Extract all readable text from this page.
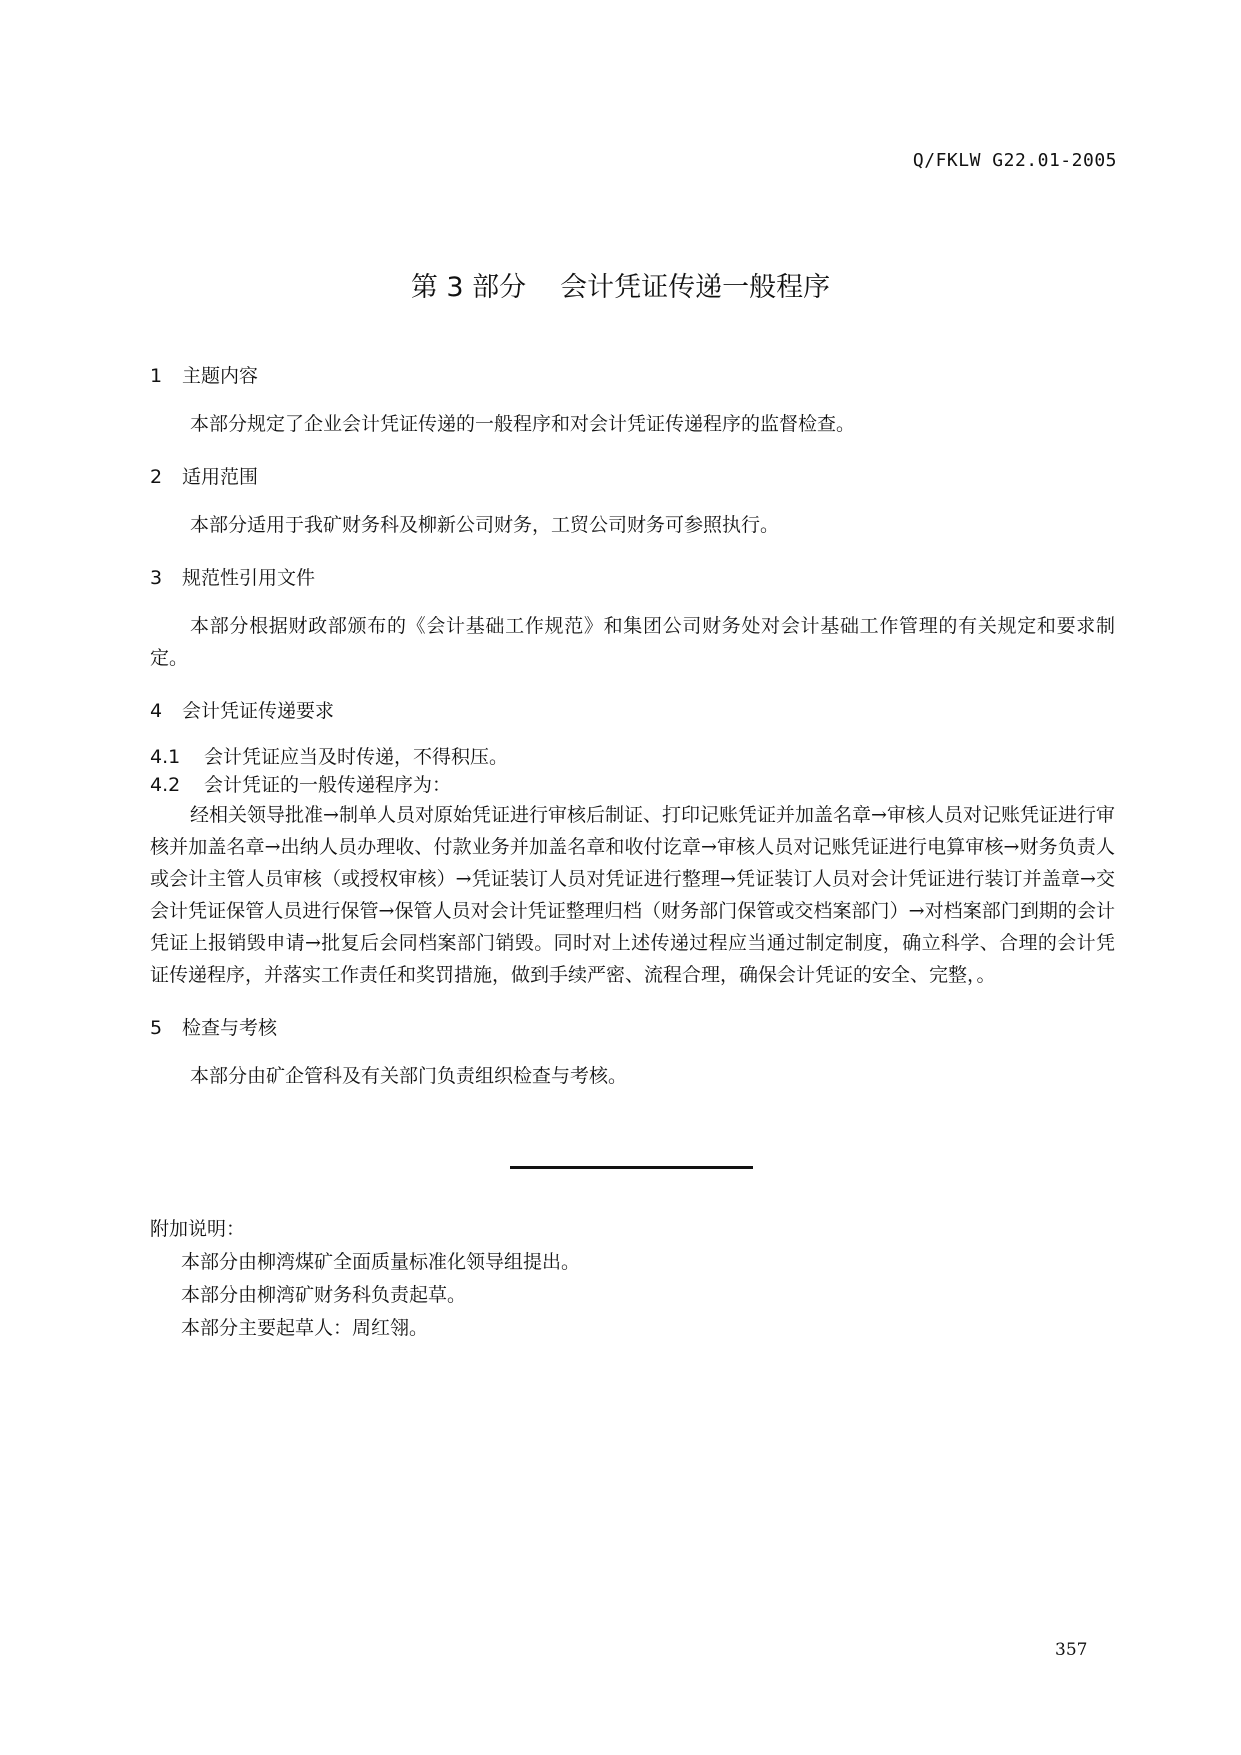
Q/FKLW G22.01-2005
第 3 部分 会计凭证传递一般程序

1 主题内容

本部分规定了企业会计凭证传递的一般程序和对会计凭证传递程序的监督检查。

2 适用范围

本部分适用于我矿财务科及柳新公司财务，工贸公司财务可参照执行。

3 规范性引用文件

本部分根据财政部颁布的《会计基础工作规范》和集团公司财务处对会计基础工作管理的有关规定和要求制定。

4 会计凭证传递要求

4.1 会计凭证应当及时传递，不得积压。

4.2 会计凭证的一般传递程序为：

经相关领导批准→制单人员对原始凭证进行审核后制证、打印记账凭证并加盖名章→审核人员对记账凭证进行审核并加盖名章→出纳人员办理收、付款业务并加盖名章和收付讫章→审核人员对记账凭证进行电算审核→财务负责人或会计主管人员审核（或授权审核）→凭证装订人员对凭证进行整理→凭证装订人员对会计凭证进行装订并盖章→交会计凭证保管人员进行保管→保管人员对会计凭证整理归档（财务部门保管或交档案部门）→对档案部门到期的会计凭证上报销毁申请→批复后会同档案部门销毁。同时对上述传递过程应当通过制定制度，确立科学、合理的会计凭证传递程序，并落实工作责任和奖罚措施，做到手续严密、流程合理，确保会计凭证的安全、完整，。

5 检查与考核

本部分由矿企管科及有关部门负责组织检查与考核。

附加说明：

本部分由柳湾煤矿全面质量标准化领导组提出。

本部分由柳湾矿财务科负责起草。

本部分主要起草人：周红翎。

357
